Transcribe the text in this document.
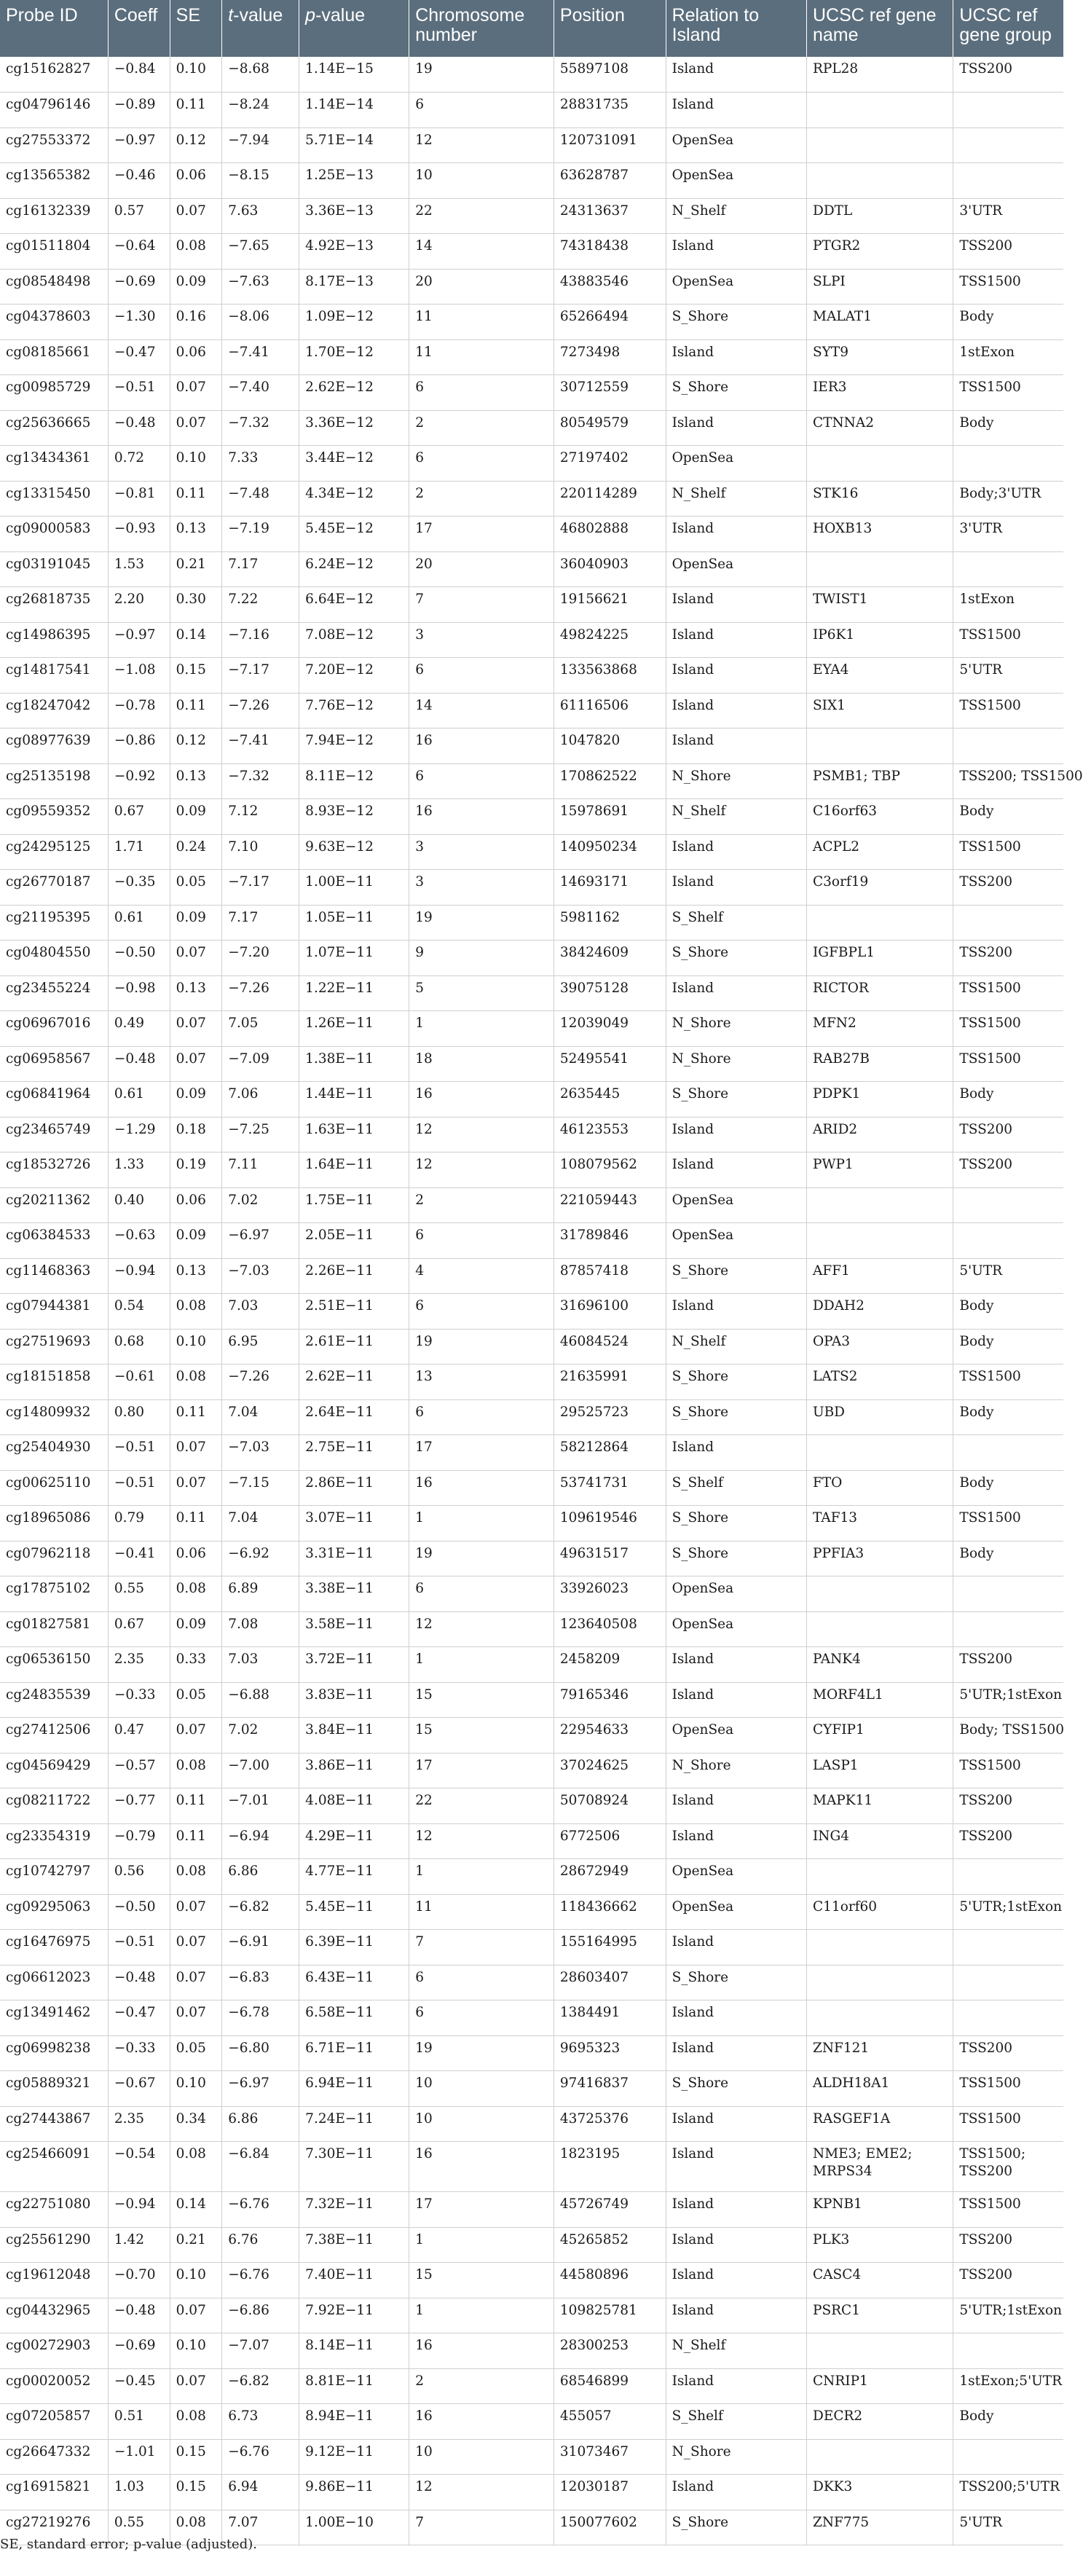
Probe ID	Coeff	SE	t-value	p-value	Chromosome number	Position	Relation to Island	UCSC ref gene name	UCSC ref gene group
cg15162827	−0.84	0.10	−8.68	1.14E−15	19	55897108	Island	RPL28	TSS200
cg04796146	−0.89	0.11	−8.24	1.14E−14	6	28831735	Island		
cg27553372	−0.97	0.12	−7.94	5.71E−14	12	120731091	OpenSea		
cg13565382	−0.46	0.06	−8.15	1.25E−13	10	63628787	OpenSea		
cg16132339	0.57	0.07	7.63	3.36E−13	22	24313637	N_Shelf	DDTL	3'UTR
cg01511804	−0.64	0.08	−7.65	4.92E−13	14	74318438	Island	PTGR2	TSS200
cg08548498	−0.69	0.09	−7.63	8.17E−13	20	43883546	OpenSea	SLPI	TSS1500
cg04378603	−1.30	0.16	−8.06	1.09E−12	11	65266494	S_Shore	MALAT1	Body
cg08185661	−0.47	0.06	−7.41	1.70E−12	11	7273498	Island	SYT9	1stExon
cg00985729	−0.51	0.07	−7.40	2.62E−12	6	30712559	S_Shore	IER3	TSS1500
cg25636665	−0.48	0.07	−7.32	3.36E−12	2	80549579	Island	CTNNA2	Body
cg13434361	0.72	0.10	7.33	3.44E−12	6	27197402	OpenSea		
cg13315450	−0.81	0.11	−7.48	4.34E−12	2	220114289	N_Shelf	STK16	Body;3'UTR
cg09000583	−0.93	0.13	−7.19	5.45E−12	17	46802888	Island	HOXB13	3'UTR
cg03191045	1.53	0.21	7.17	6.24E−12	20	36040903	OpenSea		
cg26818735	2.20	0.30	7.22	6.64E−12	7	19156621	Island	TWIST1	1stExon
cg14986395	−0.97	0.14	−7.16	7.08E−12	3	49824225	Island	IP6K1	TSS1500
cg14817541	−1.08	0.15	−7.17	7.20E−12	6	133563868	Island	EYA4	5'UTR
cg18247042	−0.78	0.11	−7.26	7.76E−12	14	61116506	Island	SIX1	TSS1500
cg08977639	−0.86	0.12	−7.41	7.94E−12	16	1047820	Island		
cg25135198	−0.92	0.13	−7.32	8.11E−12	6	170862522	N_Shore	PSMB1; TBP	TSS200; TSS1500
cg09559352	0.67	0.09	7.12	8.93E−12	16	15978691	N_Shelf	C16orf63	Body
cg24295125	1.71	0.24	7.10	9.63E−12	3	140950234	Island	ACPL2	TSS1500
cg26770187	−0.35	0.05	−7.17	1.00E−11	3	14693171	Island	C3orf19	TSS200
cg21195395	0.61	0.09	7.17	1.05E−11	19	5981162	S_Shelf		
cg04804550	−0.50	0.07	−7.20	1.07E−11	9	38424609	S_Shore	IGFBPL1	TSS200
cg23455224	−0.98	0.13	−7.26	1.22E−11	5	39075128	Island	RICTOR	TSS1500
cg06967016	0.49	0.07	7.05	1.26E−11	1	12039049	N_Shore	MFN2	TSS1500
cg06958567	−0.48	0.07	−7.09	1.38E−11	18	52495541	N_Shore	RAB27B	TSS1500
cg06841964	0.61	0.09	7.06	1.44E−11	16	2635445	S_Shore	PDPK1	Body
cg23465749	−1.29	0.18	−7.25	1.63E−11	12	46123553	Island	ARID2	TSS200
cg18532726	1.33	0.19	7.11	1.64E−11	12	108079562	Island	PWP1	TSS200
cg20211362	0.40	0.06	7.02	1.75E−11	2	221059443	OpenSea		
cg06384533	−0.63	0.09	−6.97	2.05E−11	6	31789846	OpenSea		
cg11468363	−0.94	0.13	−7.03	2.26E−11	4	87857418	S_Shore	AFF1	5'UTR
cg07944381	0.54	0.08	7.03	2.51E−11	6	31696100	Island	DDAH2	Body
cg27519693	0.68	0.10	6.95	2.61E−11	19	46084524	N_Shelf	OPA3	Body
cg18151858	−0.61	0.08	−7.26	2.62E−11	13	21635991	S_Shore	LATS2	TSS1500
cg14809932	0.80	0.11	7.04	2.64E−11	6	29525723	S_Shore	UBD	Body
cg25404930	−0.51	0.07	−7.03	2.75E−11	17	58212864	Island		
cg00625110	−0.51	0.07	−7.15	2.86E−11	16	53741731	S_Shelf	FTO	Body
cg18965086	0.79	0.11	7.04	3.07E−11	1	109619546	S_Shore	TAF13	TSS1500
cg07962118	−0.41	0.06	−6.92	3.31E−11	19	49631517	S_Shore	PPFIA3	Body
cg17875102	0.55	0.08	6.89	3.38E−11	6	33926023	OpenSea		
cg01827581	0.67	0.09	7.08	3.58E−11	12	123640508	OpenSea		
cg06536150	2.35	0.33	7.03	3.72E−11	1	2458209	Island	PANK4	TSS200
cg24835539	−0.33	0.05	−6.88	3.83E−11	15	79165346	Island	MORF4L1	5'UTR;1stExon
cg27412506	0.47	0.07	7.02	3.84E−11	15	22954633	OpenSea	CYFIP1	Body; TSS1500
cg04569429	−0.57	0.08	−7.00	3.86E−11	17	37024625	N_Shore	LASP1	TSS1500
cg08211722	−0.77	0.11	−7.01	4.08E−11	22	50708924	Island	MAPK11	TSS200
cg23354319	−0.79	0.11	−6.94	4.29E−11	12	6772506	Island	ING4	TSS200
cg10742797	0.56	0.08	6.86	4.77E−11	1	28672949	OpenSea		
cg09295063	−0.50	0.07	−6.82	5.45E−11	11	118436662	OpenSea	C11orf60	5'UTR;1stExon
cg16476975	−0.51	0.07	−6.91	6.39E−11	7	155164995	Island		
cg06612023	−0.48	0.07	−6.83	6.43E−11	6	28603407	S_Shore		
cg13491462	−0.47	0.07	−6.78	6.58E−11	6	1384491	Island		
cg06998238	−0.33	0.05	−6.80	6.71E−11	19	9695323	Island	ZNF121	TSS200
cg05889321	−0.67	0.10	−6.97	6.94E−11	10	97416837	S_Shore	ALDH18A1	TSS1500
cg27443867	2.35	0.34	6.86	7.24E−11	10	43725376	Island	RASGEF1A	TSS1500
cg25466091	−0.54	0.08	−6.84	7.30E−11	16	1823195	Island	NME3; EME2; MRPS34	TSS1500; TSS200
cg22751080	−0.94	0.14	−6.76	7.32E−11	17	45726749	Island	KPNB1	TSS1500
cg25561290	1.42	0.21	6.76	7.38E−11	1	45265852	Island	PLK3	TSS200
cg19612048	−0.70	0.10	−6.76	7.40E−11	15	44580896	Island	CASC4	TSS200
cg04432965	−0.48	0.07	−6.86	7.92E−11	1	109825781	Island	PSRC1	5'UTR;1stExon
cg00272903	−0.69	0.10	−7.07	8.14E−11	16	28300253	N_Shelf		
cg00020052	−0.45	0.07	−6.82	8.81E−11	2	68546899	Island	CNRIP1	1stExon;5'UTR
cg07205857	0.51	0.08	6.73	8.94E−11	16	455057	S_Shelf	DECR2	Body
cg26647332	−1.01	0.15	−6.76	9.12E−11	10	31073467	N_Shore		
cg16915821	1.03	0.15	6.94	9.86E−11	12	12030187	Island	DKK3	TSS200;5'UTR
cg27219276	0.55	0.08	7.07	1.00E−10	7	150077602	S_Shore	ZNF775	5'UTR
SE, standard error; p-value (adjusted).
